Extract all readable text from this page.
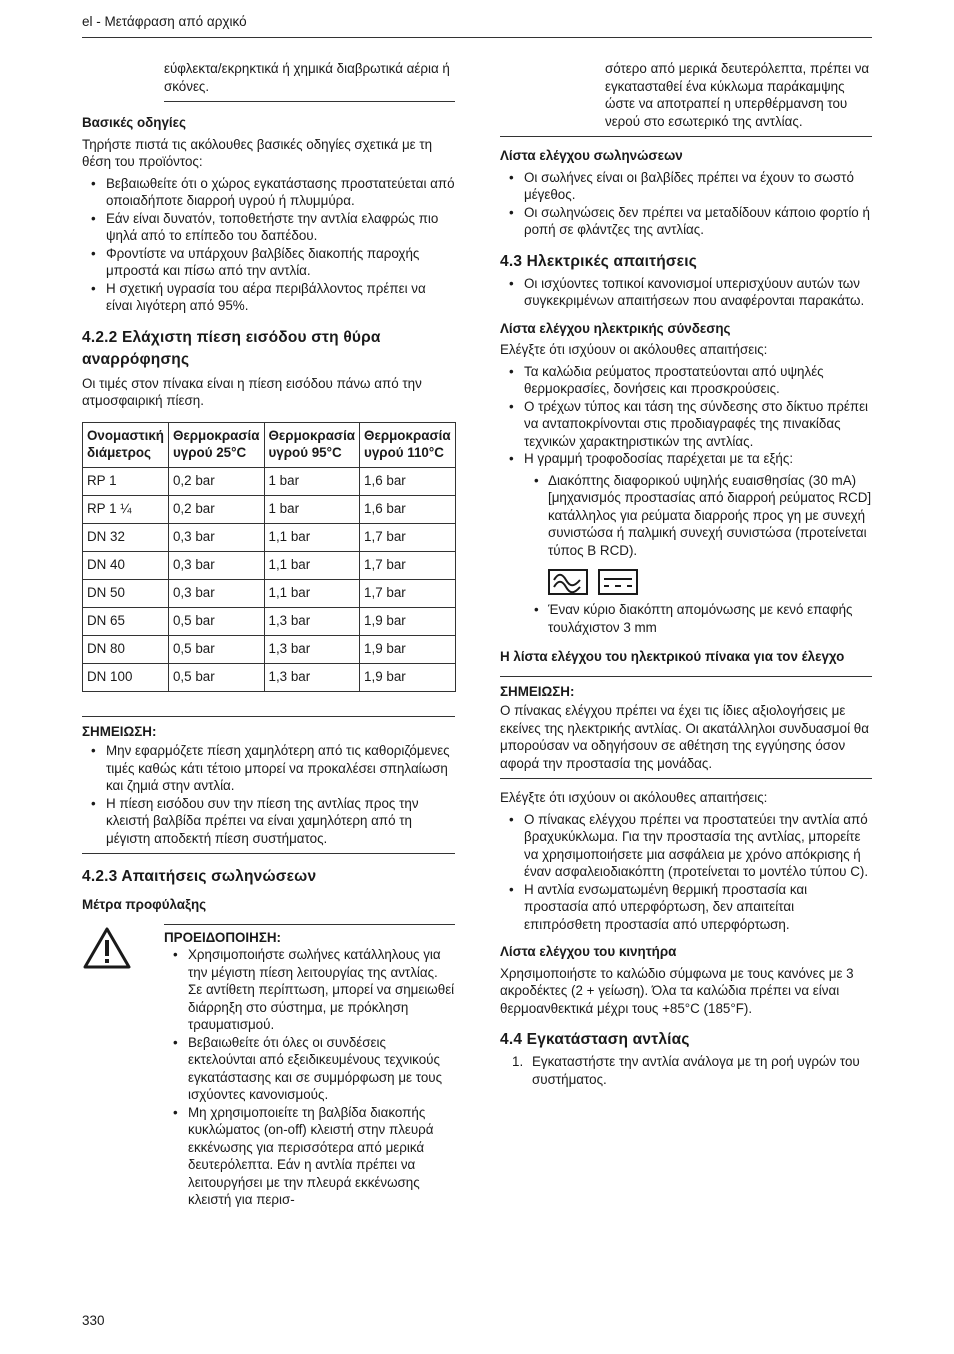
el - Μετάφραση από αρχικό

εύφλεκτα/εκρηκτικά ή χημικά διαβρωτικά αέρια ή σκόνες.

Βασικές οδηγίες

Τηρήστε πιστά τις ακόλουθες βασικές οδηγίες σχετικά με τη θέση του προϊόντος:

• Βεβαιωθείτε ότι ο χώρος εγκατάστασης προστατεύεται από οποιαδήποτε διαρροή υγρού ή πλυμμύρα.
• Εάν είναι δυνατόν, τοποθετήστε την αντλία ελαφρώς πιο ψηλά από το επίπεδο του δαπέδου.
• Φροντίστε να υπάρχουν βαλβίδες διακοπής παροχής μπροστά και πίσω από την αντλία.
• Η σχετική υγρασία του αέρα περιβάλλοντος πρέπει να είναι λιγότερη από 95%.

4.2.2 Ελάχιστη πίεση εισόδου στη θύρα αναρρόφησης

Οι τιμές στον πίνακα είναι η πίεση εισόδου πάνω από την ατμοσφαιρική πίεση.

Ονομαστική διάμετρος	Θερμοκρασία υγρού 25°C	Θερμοκρασία υγρού 95°C	Θερμοκρασία υγρού 110°C
RP 1	0,2 bar	1 bar	1,6 bar
RP 1 ¼	0,2 bar	1 bar	1,6 bar
DN 32	0,3 bar	1,1 bar	1,7 bar
DN 40	0,3 bar	1,1 bar	1,7 bar
DN 50	0,3 bar	1,1 bar	1,7 bar
DN 65	0,5 bar	1,3 bar	1,9 bar
DN 80	0,5 bar	1,3 bar	1,9 bar
DN 100	0,5 bar	1,3 bar	1,9 bar

ΣΗΜΕΙΩΣΗ:

• Μην εφαρμόζετε πίεση χαμηλότερη από τις καθοριζόμενες τιμές καθώς κάτι τέτοιο μπορεί να προκαλέσει σπηλαίωση και ζημιά στην αντλία.
• Η πίεση εισόδου συν την πίεση της αντλίας προς την κλειστή βαλβίδα πρέπει να είναι χαμηλότερη από τη μέγιστη αποδεκτή πίεση συστήματος.

4.2.3 Απαιτήσεις σωληνώσεων

Μέτρα προφύλαξης

ΠΡΟΕΙΔΟΠΟΙΗΣΗ:

• Χρησιμοποιήστε σωλήνες κατάλληλους για την μέγιστη πίεση λειτουργίας της αντλίας. Σε αντίθετη περίπτωση, μπορεί να σημειωθεί διάρρηξη στο σύστημα, με πρόκληση τραυματισμού.
• Βεβαιωθείτε ότι όλες οι συνδέσεις εκτελούνται από εξειδικευμένους τεχνικούς εγκατάστασης και σε συμμόρφωση με τους ισχύοντες κανονισμούς.
• Μη χρησιμοποιείτε τη βαλβίδα διακοπής κυκλώματος (on-off) κλειστή στην πλευρά εκκένωσης για περισσότερα από μερικά δευτερόλεπτα. Εάν η αντλία πρέπει να λειτουργήσει με την πλευρά εκκένωσης κλειστή για περισ-

σότερο από μερικά δευτερόλεπτα, πρέπει να εγκατασταθεί ένα κύκλωμα παράκαμψης ώστε να αποτραπεί η υπερθέρμανση του νερού στο εσωτερικό της αντλίας.

Λίστα ελέγχου σωληνώσεων

• Οι σωλήνες είναι οι βαλβίδες πρέπει να έχουν το σωστό μέγεθος.
• Οι σωληνώσεις δεν πρέπει να μεταδίδουν κάποιο φορτίο ή ροπή σε φλάντζες της αντλίας.

4.3 Ηλεκτρικές απαιτήσεις

• Οι ισχύοντες τοπικοί κανονισμοί υπερισχύουν αυτών των συγκεκριμένων απαιτήσεων που αναφέρονται παρακάτω.

Λίστα ελέγχου ηλεκτρικής σύνδεσης

Ελέγξτε ότι ισχύουν οι ακόλουθες απαιτήσεις:

• Τα καλώδια ρεύματος προστατεύονται από υψηλές θερμοκρασίες, δονήσεις και προσκρούσεις.
• Ο τρέχων τύπος και τάση της σύνδεσης στο δίκτυο πρέπει να ανταποκρίνονται στις προδιαγραφές της πινακίδας τεχνικών χαρακτηριστικών της αντλίας.
• Η γραμμή τροφοδοσίας παρέχεται με τα εξής:
• Διακόπτης διαφορικού υψηλής ευαισθησίας (30 mA) [μηχανισμός προστασίας από διαρροή ρεύματος RCD] κατάλληλος για ρεύματα διαρροής προς γη με συνεχή συνιστώσα ή παλμική συνεχή συνιστώσα (προτείνεται τύπος B RCD).
• Έναν κύριο διακόπτη απομόνωσης με κενό επαφής τουλάχιστον 3 mm

Η λίστα ελέγχου του ηλεκτρικού πίνακα για τον έλεγχο

ΣΗΜΕΙΩΣΗ:

Ο πίνακας ελέγχου πρέπει να έχει τις ίδιες αξιολογήσεις με εκείνες της ηλεκτρικής αντλίας. Οι ακατάλληλοι συνδυασμοί θα μπορούσαν να οδηγήσουν σε αθέτηση της εγγύησης όσον αφορά την προστασία της μονάδας.

Ελέγξτε ότι ισχύουν οι ακόλουθες απαιτήσεις:

• Ο πίνακας ελέγχου πρέπει να προστατεύει την αντλία από βραχυκύκλωμα. Για την προστασία της αντλίας, μπορείτε να χρησιμοποιήσετε μια ασφάλεια με χρόνο απόκρισης ή έναν ασφαλειοδιακόπτη (προτείνεται το μοντέλο τύπου C).
• Η αντλία ενσωματωμένη θερμική προστασία και προστασία από υπερφόρτωση, δεν απαιτείται επιπρόσθετη προστασία από υπερφόρτωση.

Λίστα ελέγχου του κινητήρα

Χρησιμοποιήστε το καλώδιο σύμφωνα με τους κανόνες με 3 ακροδέκτες (2 + γείωση). Όλα τα καλώδια πρέπει να είναι θερμοανθεκτικά μέχρι τους +85°C (185°F).

4.4 Εγκατάσταση αντλίας

1. Εγκαταστήστε την αντλία ανάλογα με τη ροή υγρών του συστήματος.
330
